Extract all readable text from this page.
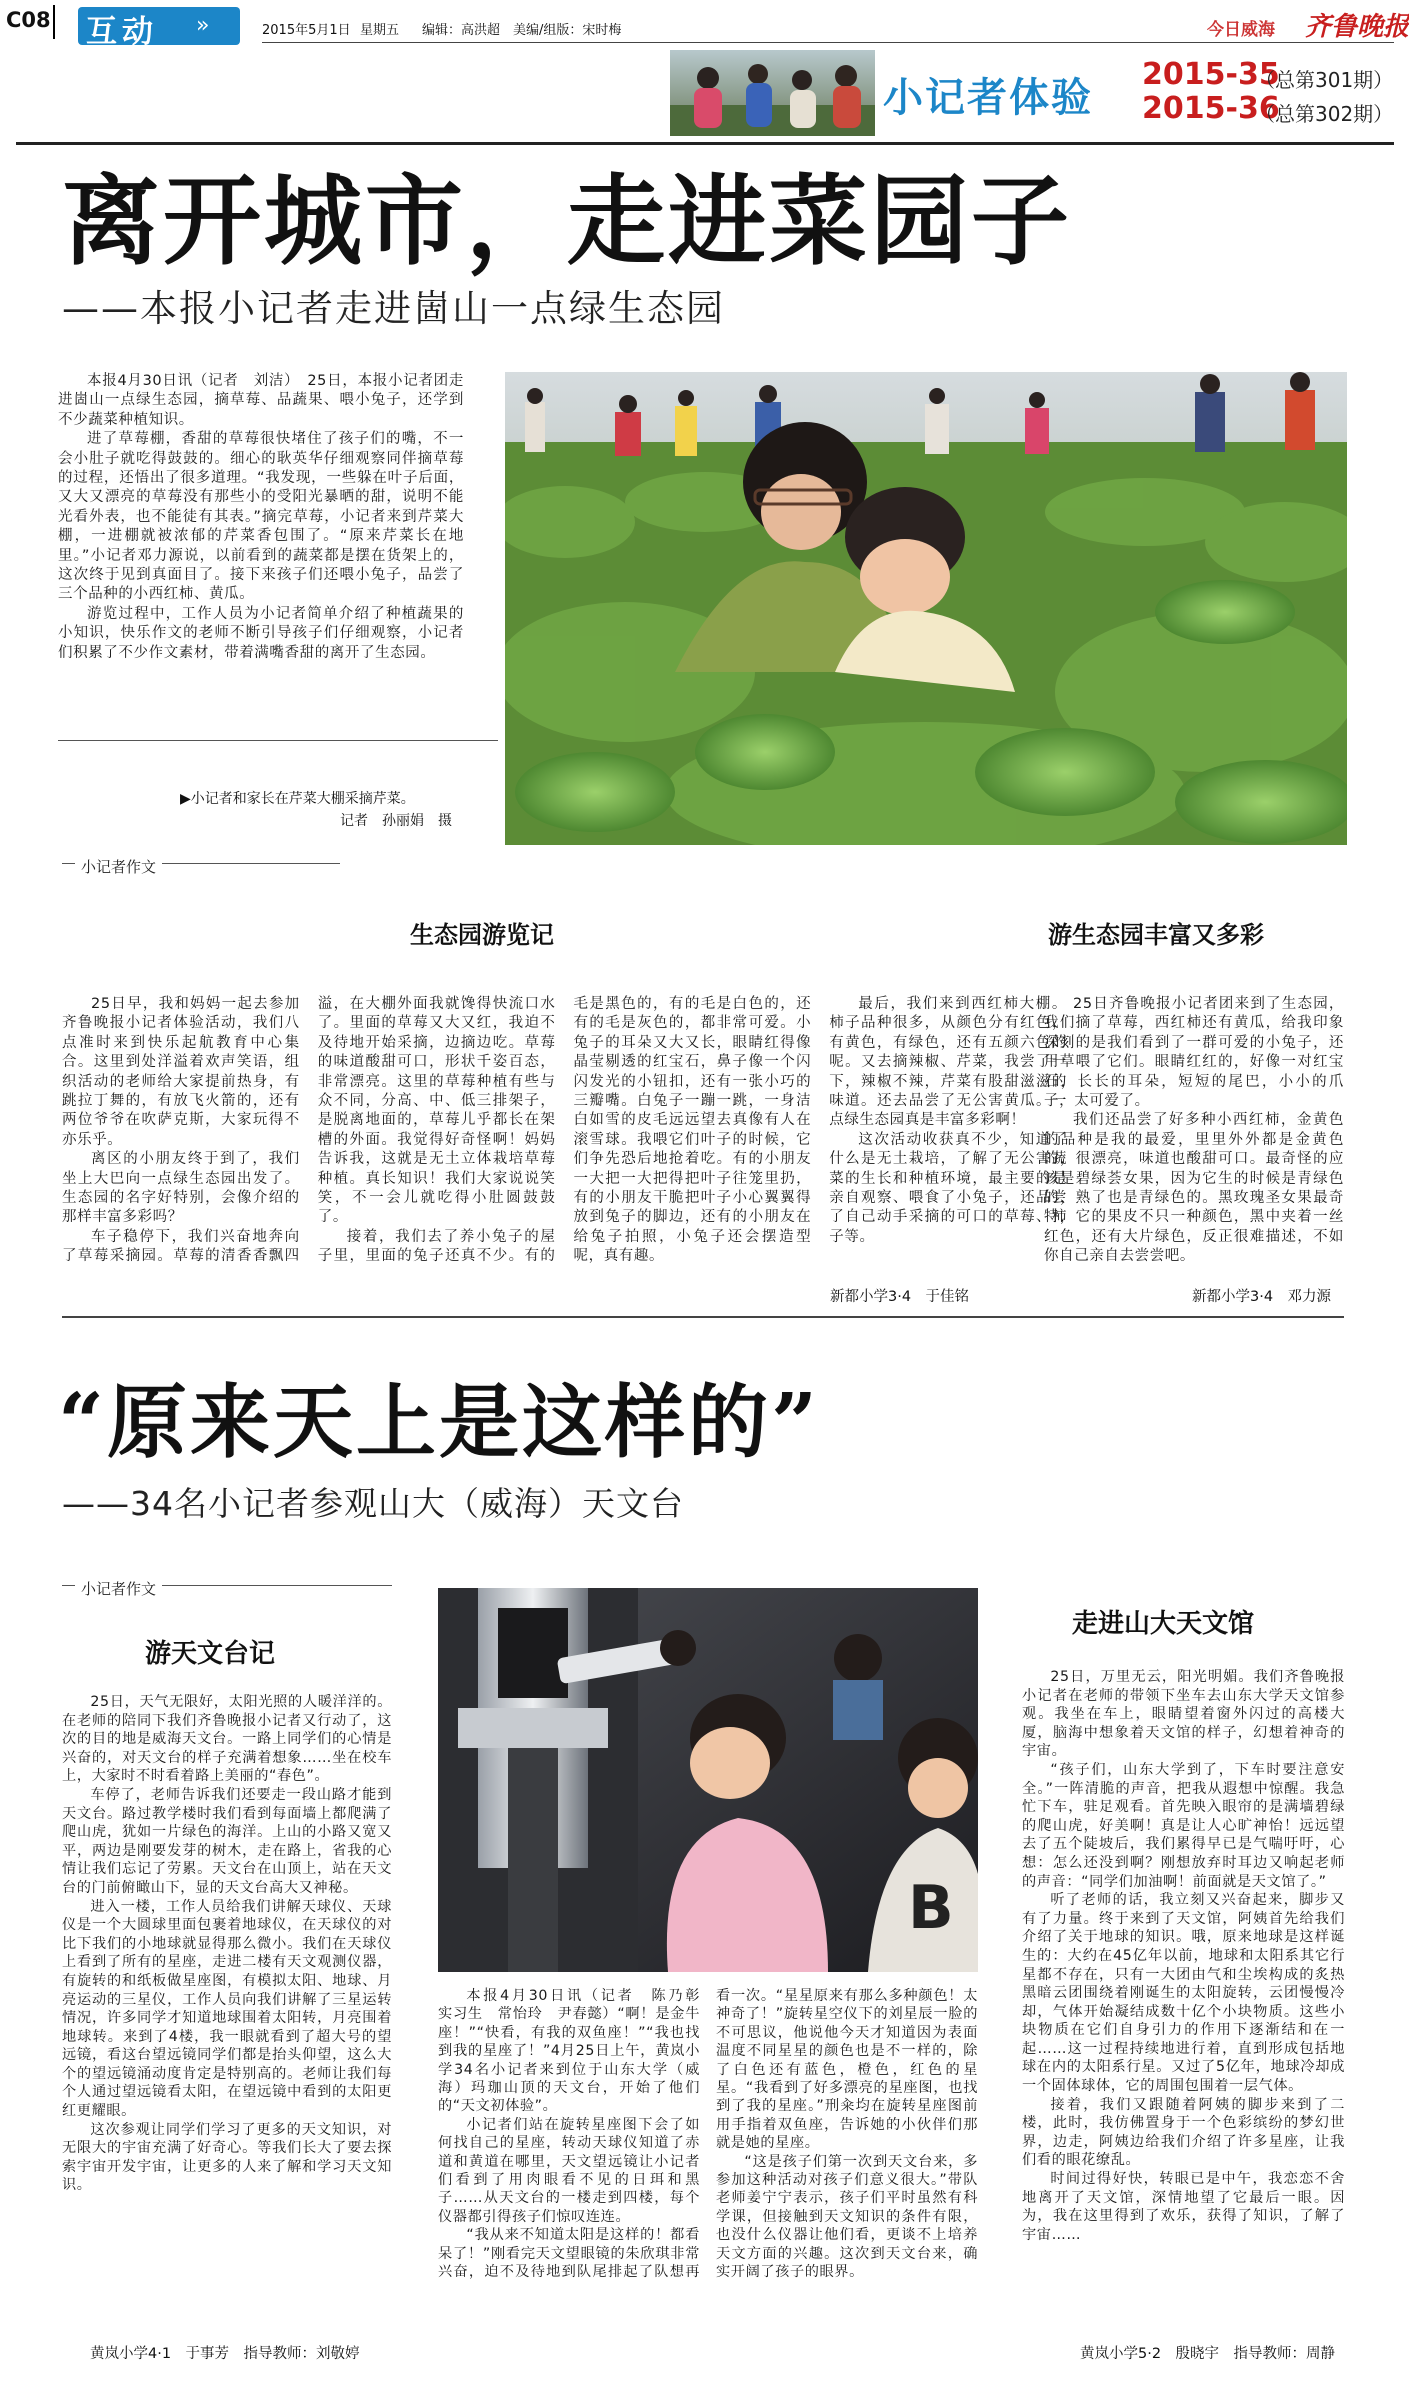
C08 互动 »	2015年5月1日 星期五 编辑：高洪超　美编/组版：宋时梅	今日威海 齐鲁晚报
小记者体验
2015-35
（总第301期）
2015-36
（总第302期）
离开城市，走进菜园子
——本报小记者走进崮山一点绿生态园

本报4月30日讯（记者　刘洁）　25日，本报小记者团走进崮山一点绿生态园，摘草莓、品蔬果、喂小兔子，还学到不少蔬菜种植知识。

进了草莓棚，香甜的草莓很快堵住了孩子们的嘴，不一会小肚子就吃得鼓鼓的。细心的耿英华仔细观察同伴摘草莓的过程，还悟出了很多道理。“我发现，一些躲在叶子后面，又大又漂亮的草莓没有那些小的受阳光暴晒的甜，说明不能光看外表，也不能徒有其表。”摘完草莓，小记者来到芹菜大棚，一进棚就被浓郁的芹菜香包围了。“原来芹菜长在地里。”小记者邓力源说，以前看到的蔬菜都是摆在货架上的，这次终于见到真面目了。接下来孩子们还喂小兔子，品尝了三个品种的小西红柿、黄瓜。

游览过程中，工作人员为小记者简单介绍了种植蔬果的小知识，快乐作文的老师不断引导孩子们仔细观察，小记者们积累了不少作文素材，带着满嘴香甜的离开了生态园。

▶小记者和家长在芹菜大棚采摘芹菜。
记者　孙丽娟　摄
小记者作文
生态园游览记

25日早，我和妈妈一起去参加齐鲁晚报小记者体验活动，我们八点准时来到快乐起航教育中心集合。这里到处洋溢着欢声笑语，组织活动的老师给大家提前热身，有跳拉丁舞的，有放飞火箭的，还有两位爷爷在吹萨克斯，大家玩得不亦乐乎。

离区的小朋友终于到了，我们坐上大巴向一点绿生态园出发了。生态园的名字好特别，会像介绍的那样丰富多彩吗？

车子稳停下，我们兴奋地奔向了草莓采摘园。草莓的清香香飘四溢，在大棚外面我就馋得快流口水了。里面的草莓又大又红，我迫不及待地开始采摘，边摘边吃。草莓的味道酸甜可口，形状千姿百态，非常漂亮。这里的草莓种植有些与众不同，分高、中、低三排架子，是脱离地面的，草莓儿乎都长在架槽的外面。我觉得好奇怪啊！妈妈告诉我，这就是无土立体栽培草莓种植。真长知识！我们大家说说笑笑，不一会儿就吃得小肚圆鼓鼓了。

接着，我们去了养小兔子的屋子里，里面的兔子还真不少。有的毛是黑色的，有的毛是白色的，还有的毛是灰色的，都非常可爱。小兔子的耳朵又大又长，眼睛红得像晶莹剔透的红宝石，鼻子像一个闪闪发光的小钮扣，还有一张小巧的三瓣嘴。白兔子一蹦一跳，一身洁白如雪的皮毛远远望去真像有人在滚雪球。我喂它们叶子的时候，它们争先恐后地抢着吃。有的小朋友一大把一大把得把叶子往笼里扔，有的小朋友干脆把叶子小心翼翼得放到兔子的脚边，还有的小朋友在给兔子拍照，小兔子还会摆造型呢，真有趣。

最后，我们来到西红柿大棚。柿子品种很多，从颜色分有红色，有黄色，有绿色，还有五颜六色的呢。又去摘辣椒、芹菜，我尝了一下，辣椒不辣，芹菜有股甜滋滋的味道。还去品尝了无公害黄瓜。一点绿生态园真是丰富多彩啊！

这次活动收获真不少，知道了什么是无土栽培，了解了无公害蔬菜的生长和种植环境，最主要的是亲自观察、喂食了小兔子，还品尝了自己动手采摘的可口的草莓、柿子等。

新都小学3·4　于佳铭
游生态园丰富又多彩

25日齐鲁晚报小记者团来到了生态园，我们摘了草莓，西红柿还有黄瓜，给我印象深刻的是我们看到了一群可爱的小兔子，还用草喂了它们。眼睛红红的，好像一对红宝石，长长的耳朵，短短的尾巴，小小的爪子，太可爱了。

我们还品尝了好多种小西红柿，金黄色的品种是我的最爱，里里外外都是金黄色的，很漂亮，味道也酸甜可口。最奇怪的应该是碧绿荟女果，因为它生的时候是青绿色的，熟了也是青绿色的。黑玫瑰圣女果最奇特，它的果皮不只一种颜色，黑中夹着一丝红色，还有大片绿色，反正很难描述，不如你自己亲自去尝尝吧。

新都小学3·4　邓力源
“原来天上是这样的”
——34名小记者参观山大（威海）天文台
小记者作文
游天文台记

25日，天气无限好，太阳光照的人暖洋洋的。在老师的陪同下我们齐鲁晚报小记者又行动了，这次的目的地是威海天文台。一路上同学们的心情是兴奋的，对天文台的样子充满着想象……坐在校车上，大家时不时看着路上美丽的“春色”。

车停了，老师告诉我们还要走一段山路才能到天文台。路过教学楼时我们看到每面墙上都爬满了爬山虎，犹如一片绿色的海洋。上山的小路又宽又平，两边是刚要发芽的树木，走在路上，省我的心情让我们忘记了劳累。天文台在山顶上，站在天文台的门前俯瞰山下，显的天文台高大又神秘。

进入一楼，工作人员给我们讲解天球仪、天球仪是一个大圆球里面包裹着地球仪，在天球仪的对比下我们的小地球就显得那么微小。我们在天球仪上看到了所有的星座，走进二楼有天文观测仪器，有旋转的和纸板做星座图，有模拟太阳、地球、月亮运动的三星仪，工作人员向我们讲解了三星运转情况，许多同学才知道地球围着太阳转，月亮围着地球转。来到了4楼，我一眼就看到了超大号的望远镜，看这台望远镜同学们都是抬头仰望，这么大个的望远镜涌动度肯定是特别高的。老师让我们每个人通过望远镜看太阳，在望远镜中看到的太阳更红更耀眼。

这次参观让同学们学习了更多的天文知识，对无限大的宇宙充满了好奇心。等我们长大了要去探索宇宙开发宇宙，让更多的人来了解和学习天文知识。

黄岚小学4·1　于事芳　指导教师：刘敬婷
B

本报4月30日讯（记者　陈乃彰　实习生　常怡玲　尹春懿）“啊！是金牛座！”“快看，有我的双鱼座！”“我也找到我的星座了！”4月25日上午，黄岚小学34名小记者来到位于山东大学（威海）玛珈山顶的天文台，开始了他们的“天文初体验”。

小记者们站在旋转星座图下会了如何找自己的星座，转动天球仪知道了赤道和黄道在哪里，天文望远镜让小记者们看到了用肉眼看不见的日珥和黑子……从天文台的一楼走到四楼，每个仪器都引得孩子们惊叹连连。

“我从来不知道太阳是这样的！都看呆了！”刚看完天文望眼镜的朱欣琪非常兴奋，迫不及待地到队尾排起了队想再看一次。“星星原来有那么多种颜色！太神奇了！”旋转星空仪下的刘星辰一脸的不可思议，他说他今天才知道因为表面温度不同星星的颜色也是不一样的，除了白色还有蓝色，橙色，红色的星星。“我看到了好多漂亮的星座图，也找到了我的星座。”刑籴均在旋转星座图前用手指着双鱼座，告诉她的小伙伴们那就是她的星座。

“这是孩子们第一次到天文台来，多参加这种活动对孩子们意义很大。”带队老师姜宁宁表示，孩子们平时虽然有科学课，但接触到天文知识的条件有限，也没什么仪器让他们看，更谈不上培养天文方面的兴趣。这次到天文台来，确实开阔了孩子的眼界。

走进山大天文馆

25日，万里无云，阳光明媚。我们齐鲁晚报小记者在老师的带领下坐车去山东大学天文馆参观。我坐在车上，眼睛望着窗外闪过的高楼大厦，脑海中想象着天文馆的样子，幻想着神奇的宇宙。

“孩子们，山东大学到了，下车时要注意安全。”一阵清脆的声音，把我从遐想中惊醒。我急忙下车，驻足观看。首先映入眼帘的是满墙碧绿的爬山虎，好美啊！真是让人心旷神怡！远远望去了五个陡坡后，我们累得早已是气喘吁吁，心想：怎么还没到啊？刚想放弃时耳边又响起老师的声音：“同学们加油啊！前面就是天文馆了。”

听了老师的话，我立刻又兴奋起来，脚步又有了力量。终于来到了天文馆，阿姨首先给我们介绍了关于地球的知识。哦，原来地球是这样诞生的：大约在45亿年以前，地球和太阳系其它行星都不存在，只有一大团由气和尘埃构成的炙热黑暗云团围绕着刚诞生的太阳旋转，云团慢慢冷却，气体开始凝结成数十亿个小块物质。这些小块物质在它们自身引力的作用下逐渐结和在一起……这一过程持续地进行着，直到形成包括地球在内的太阳系行星。又过了5亿年，地球冷却成一个固体球体，它的周围包围着一层气体。

接着，我们又跟随着阿姨的脚步来到了二楼，此时，我仿佛置身于一个色彩缤纷的梦幻世界，边走，阿姨边给我们介绍了许多星座，让我们看的眼花缭乱。

时间过得好快，转眼已是中午，我恋恋不舍地离开了天文馆，深情地望了它最后一眼。因为，我在这里得到了欢乐，获得了知识，了解了宇宙……

黄岚小学5·2　殷晓宇　指导教师：周静
